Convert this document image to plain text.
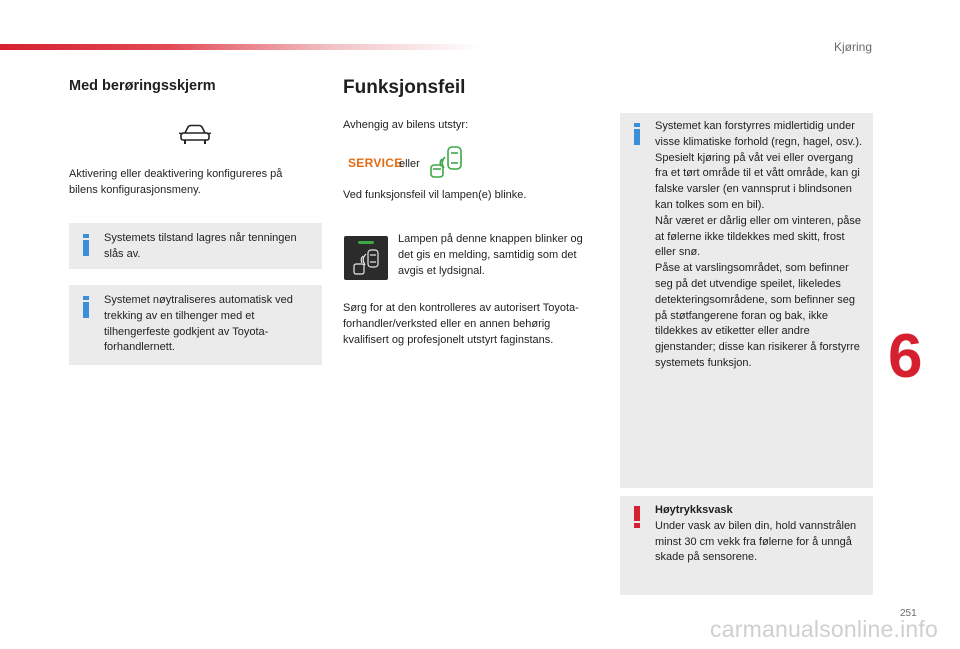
Kjøring
6
Med berøringsskjerm
Aktivering eller deaktivering konfigureres på bilens konfigurasjonsmeny.
Systemets tilstand lagres når tenningen slås av.
Systemet nøytraliseres automatisk ved trekking av en tilhenger med et tilhengerfeste godkjent av Toyota-forhandlernett.
Funksjonsfeil
Avhengig av bilens utstyr:
SERVICE
eller
Ved funksjonsfeil vil lampen(e) blinke.
Lampen på denne knappen blinker og det gis en melding, samtidig som det avgis et lydsignal.
Sørg for at den kontrolleres av autorisert Toyota-forhandler/verksted eller en annen behørig kvalifisert og profesjonelt utstyrt faginstans.
Systemet kan forstyrres midlertidig under visse klimatiske forhold (regn, hagel, osv.).
Spesielt kjøring på våt vei eller overgang fra et tørt område til et vått område, kan gi falske varsler (en vannsprut i blindsonen kan tolkes som en bil).
Når været er dårlig eller om vinteren, påse at følerne ikke tildekkes med skitt, frost eller snø.
Påse at varslingsområdet, som befinner seg på det utvendige speilet, likeledes detekteringsområdene, som befinner seg på støtfangerene foran og bak, ikke tildekkes av etiketter eller andre gjenstander; disse kan risikerer å forstyrre systemets funksjon.
Høytrykksvask
Under vask av bilen din, hold vannstrålen minst 30 cm vekk fra følerne for å unngå skade på sensorene.
251
carmanualsonline.info
